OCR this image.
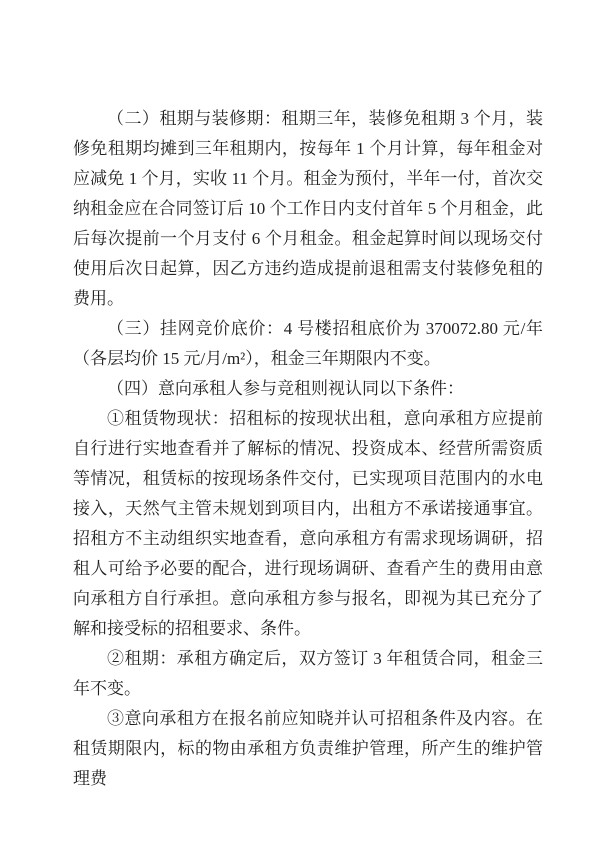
（二）租期与装修期：租期三年，装修免租期 3 个月，装修免租期均摊到三年租期内，按每年 1 个月计算，每年租金对应减免 1 个月，实收 11 个月。租金为预付，半年一付，首次交纳租金应在合同签订后 10 个工作日内支付首年 5 个月租金，此后每次提前一个月支付 6 个月租金。租金起算时间以现场交付使用后次日起算，因乙方违约造成提前退租需支付装修免租的费用。

（三）挂网竞价底价：4 号楼招租底价为 370072.80 元/年（各层均价 15 元/月/m²），租金三年期限内不变。

（四）意向承租人参与竞租则视认同以下条件：

①租赁物现状：招租标的按现状出租，意向承租方应提前自行进行实地查看并了解标的情况、投资成本、经营所需资质等情况，租赁标的按现场条件交付，已实现项目范围内的水电接入，天然气主管未规划到项目内，出租方不承诺接通事宜。招租方不主动组织实地查看，意向承租方有需求现场调研，招租人可给予必要的配合，进行现场调研、查看产生的费用由意向承租方自行承担。意向承租方参与报名，即视为其已充分了解和接受标的招租要求、条件。

②租期：承租方确定后，双方签订 3 年租赁合同，租金三年不变。

③意向承租方在报名前应知晓并认可招租条件及内容。在租赁期限内，标的物由承租方负责维护管理，所产生的维护管理费
